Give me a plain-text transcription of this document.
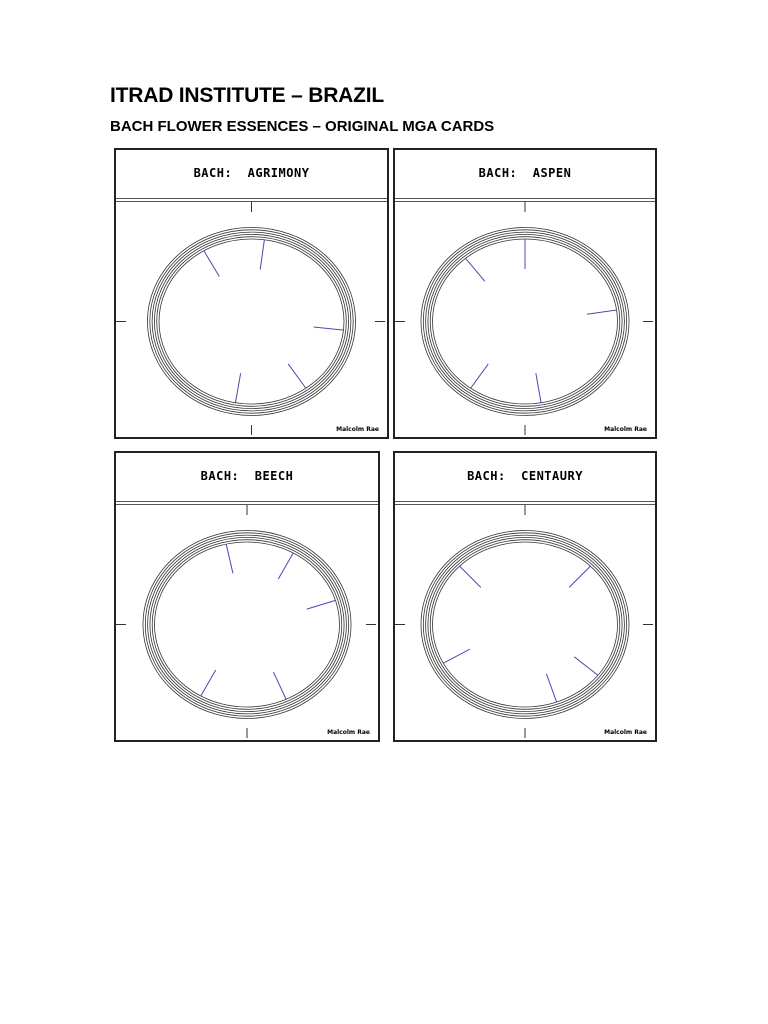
ITRAD INSTITUTE – BRAZIL
BACH FLOWER ESSENCES – ORIGINAL MGA CARDS
BACH:  AGRIMONY
Malcolm Rae
BACH:  ASPEN
Malcolm Rae
BACH:  BEECH
Malcolm Rae
BACH:  CENTAURY
Malcolm Rae
